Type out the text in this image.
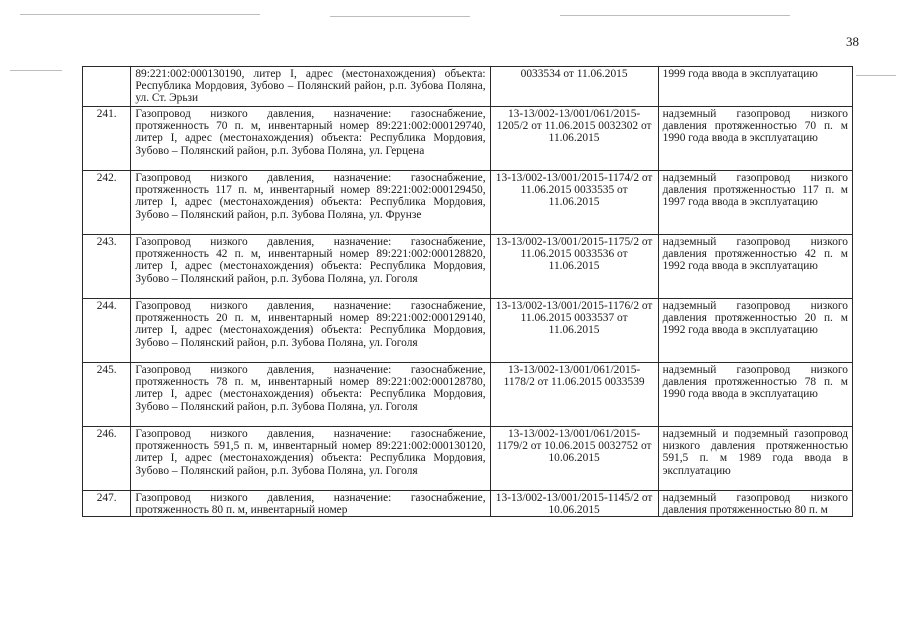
38
	89:221:002:000130190, литер I, адрес (местонахождения) объекта: Республика Мордовия, Зубово – Полянский район, р.п. Зубова Поляна, ул. Ст. Эрьзи	0033534 от 11.06.2015	1999 года ввода в эксплуатацию
241.	Газопровод низкого давления, назначение: газоснабжение, протяженность 70 п. м, инвентарный номер 89:221:002:000129740, литер I, адрес (местонахождения) объекта: Республика Мордовия, Зубово – Полянский район, р.п. Зубова Поляна, ул. Герцена	13-13/002-13/001/061/2015-1205/2 от 11.06.2015 0032302 от 11.06.2015	надземный газопровод низкого давления протяженностью 70 п. м 1990 года ввода в эксплуатацию
242.	Газопровод низкого давления, назначение: газоснабжение, протяженность 117 п. м, инвентарный номер 89:221:002:000129450, литер I, адрес (местонахождения) объекта: Республика Мордовия, Зубово – Полянский район, р.п. Зубова Поляна, ул. Фрунзе	13-13/002-13/001/2015-1174/2 от 11.06.2015 0033535 от 11.06.2015	надземный газопровод низкого давления протяженностью 117 п. м 1997 года ввода в эксплуатацию
243.	Газопровод низкого давления, назначение: газоснабжение, протяженность 42 п. м, инвентарный номер 89:221:002:000128820, литер I, адрес (местонахождения) объекта: Республика Мордовия, Зубово – Полянский район, р.п. Зубова Поляна, ул. Гоголя	13-13/002-13/001/2015-1175/2 от 11.06.2015 0033536 от 11.06.2015	надземный газопровод низкого давления протяженностью 42 п. м 1992 года ввода в эксплуатацию
244.	Газопровод низкого давления, назначение: газоснабжение, протяженность 20 п. м, инвентарный номер 89:221:002:000129140, литер I, адрес (местонахождения) объекта: Республика Мордовия, Зубово – Полянский район, р.п. Зубова Поляна, ул. Гоголя	13-13/002-13/001/2015-1176/2 от 11.06.2015 0033537 от 11.06.2015	надземный газопровод низкого давления протяженностью 20 п. м 1992 года ввода в эксплуатацию
245.	Газопровод низкого давления, назначение: газоснабжение, протяженность 78 п. м, инвентарный номер 89:221:002:000128780, литер I, адрес (местонахождения) объекта: Республика Мордовия, Зубово – Полянский район, р.п. Зубова Поляна, ул. Гоголя	13-13/002-13/001/061/2015-1178/2 от 11.06.2015 0033539	надземный газопровод низкого давления протяженностью 78 п. м 1990 года ввода в эксплуатацию
246.	Газопровод низкого давления, назначение: газоснабжение, протяженность 591,5 п. м, инвентарный номер 89:221:002:000130120, литер I, адрес (местонахождения) объекта: Республика Мордовия, Зубово – Полянский район, р.п. Зубова Поляна, ул. Гоголя	13-13/002-13/001/061/2015-1179/2 от 10.06.2015 0032752 от 10.06.2015	надземный и подземный газопровод низкого давления протяженностью 591,5 п. м 1989 года ввода в эксплуатацию
247.	Газопровод низкого давления, назначение: газоснабжение, протяженность 80 п. м, инвентарный номер	13-13/002-13/001/2015-1145/2 от 10.06.2015	надземный газопровод низкого давления протяженностью 80 п. м
